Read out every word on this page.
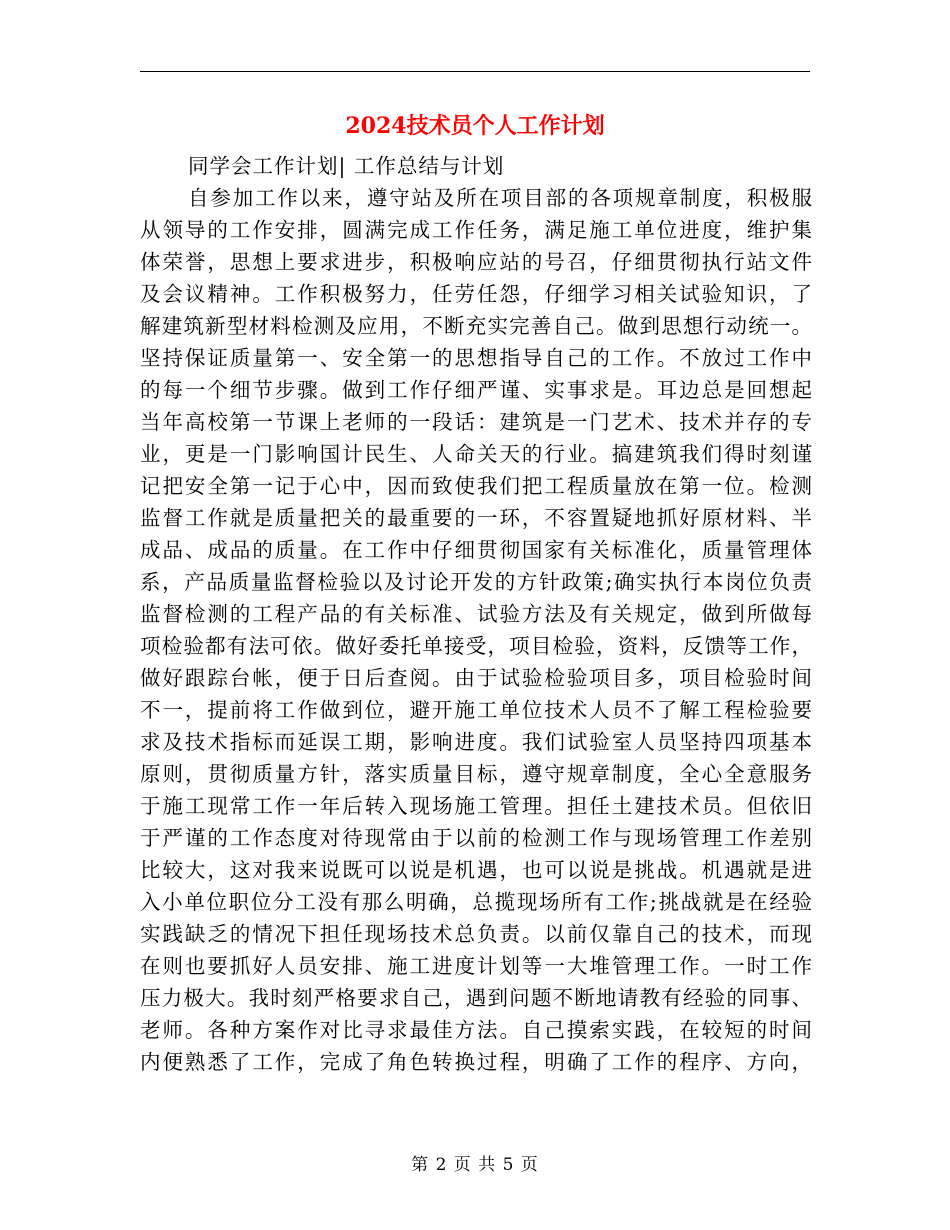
2024技术员个人工作计划

同学会工作计划| 工作总结与计划

自参加工作以来，遵守站及所在项目部的各项规章制度，积极服
从领导的工作安排，圆满完成工作任务，满足施工单位进度，维护集
体荣誉，思想上要求进步，积极响应站的号召，仔细贯彻执行站文件
及会议精神。工作积极努力，任劳任怨，仔细学习相关试验知识，了
解建筑新型材料检测及应用，不断充实完善自己。做到思想行动统一。
坚持保证质量第一、安全第一的思想指导自己的工作。不放过工作中
的每一个细节步骤。做到工作仔细严谨、实事求是。耳边总是回想起
当年高校第一节课上老师的一段话：建筑是一门艺术、技术并存的专
业，更是一门影响国计民生、人命关天的行业。搞建筑我们得时刻谨
记把安全第一记于心中，因而致使我们把工程质量放在第一位。检测
监督工作就是质量把关的最重要的一环，不容置疑地抓好原材料、半
成品、成品的质量。在工作中仔细贯彻国家有关标准化，质量管理体
系，产品质量监督检验以及讨论开发的方针政策;确实执行本岗位负责
监督检测的工程产品的有关标准、试验方法及有关规定，做到所做每
项检验都有法可依。做好委托单接受，项目检验，资料，反馈等工作，
做好跟踪台帐，便于日后查阅。由于试验检验项目多，项目检验时间
不一，提前将工作做到位，避开施工单位技术人员不了解工程检验要
求及技术指标而延误工期，影响进度。我们试验室人员坚持四项基本
原则，贯彻质量方针，落实质量目标，遵守规章制度，全心全意服务
于施工现常工作一年后转入现场施工管理。担任土建技术员。但依旧
于严谨的工作态度对待现常由于以前的检测工作与现场管理工作差别
比较大，这对我来说既可以说是机遇，也可以说是挑战。机遇就是进
入小单位职位分工没有那么明确，总揽现场所有工作;挑战就是在经验
实践缺乏的情况下担任现场技术总负责。以前仅靠自己的技术，而现
在则也要抓好人员安排、施工进度计划等一大堆管理工作。一时工作
压力极大。我时刻严格要求自己，遇到问题不断地请教有经验的同事、
老师。各种方案作对比寻求最佳方法。自己摸索实践，在较短的时间
内便熟悉了工作，完成了角色转换过程，明确了工作的程序、方向，
第 2 页 共 5 页
